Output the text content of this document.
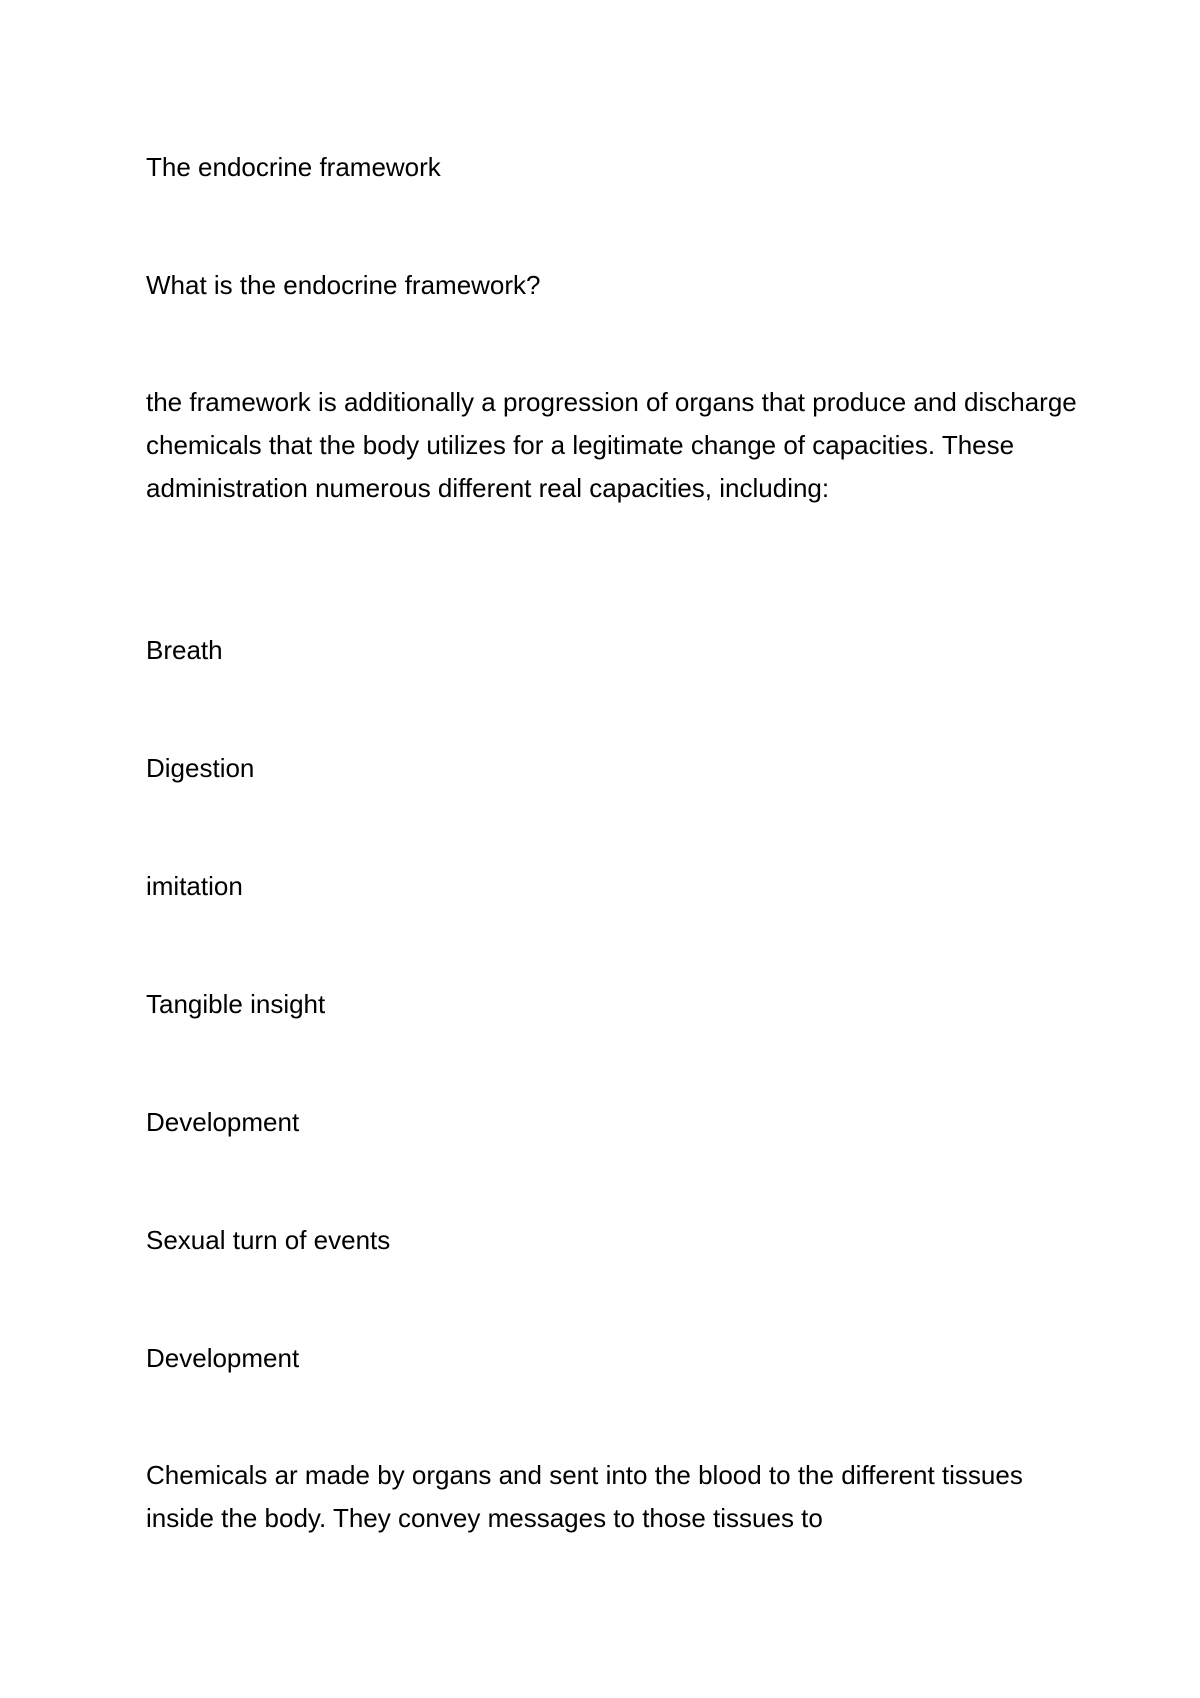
The endocrine framework
What is the endocrine framework?

the framework is additionally a progression of organs that produce and discharge chemicals that the body utilizes for a legitimate change of capacities. These administration numerous different real capacities, including:

Breath
Digestion
imitation
Tangible insight
Development
Sexual turn of events
Development

Chemicals ar made by organs and sent into the blood to the different tissues inside the body. They convey messages to those tissues to
